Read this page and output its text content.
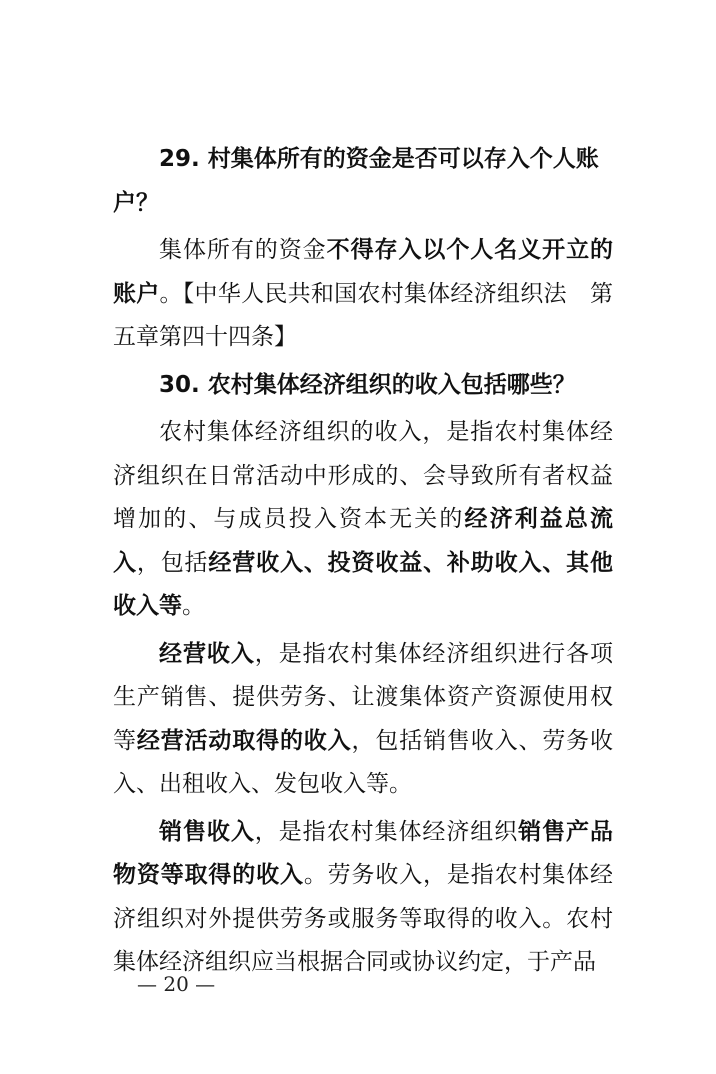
29. 村集体所有的资金是否可以存入个人账户？

集体所有的资金不得存入以个人名义开立的账户。【中华人民共和国农村集体经济组织法　第五章第四十四条】

30. 农村集体经济组织的收入包括哪些？

农村集体经济组织的收入，是指农村集体经济组织在日常活动中形成的、会导致所有者权益增加的、与成员投入资本无关的经济利益总流入，包括经营收入、投资收益、补助收入、其他收入等。

经营收入，是指农村集体经济组织进行各项生产销售、提供劳务、让渡集体资产资源使用权等经营活动取得的收入，包括销售收入、劳务收入、出租收入、发包收入等。

销售收入，是指农村集体经济组织销售产品物资等取得的收入。劳务收入，是指农村集体经济组织对外提供劳务或服务等取得的收入。农村集体经济组织应当根据合同或协议约定，于产品

— 20 —
